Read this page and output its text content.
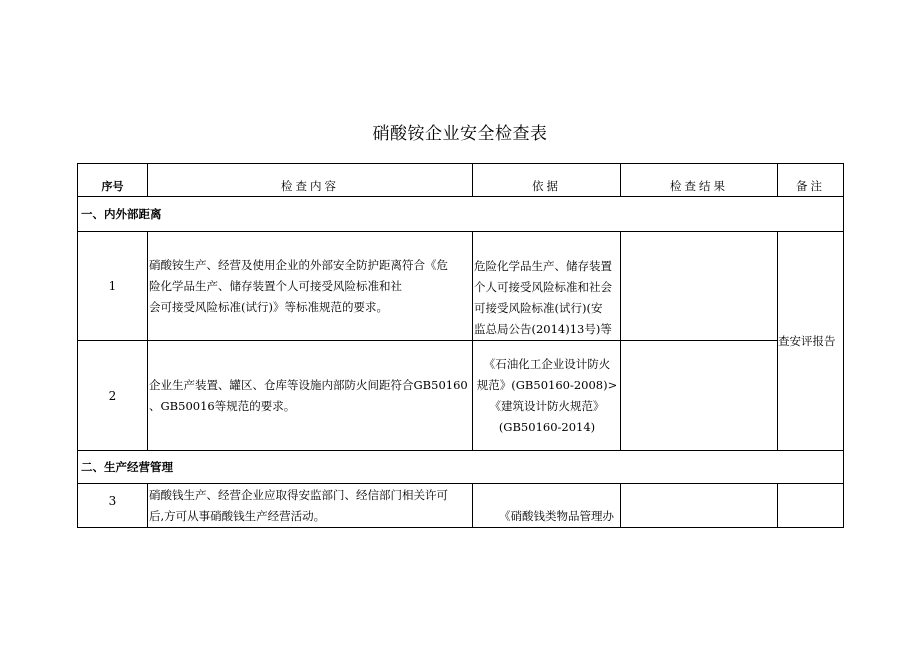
硝酸铵企业安全检查表
序号	检查内容	依据	检查结果	备注
一、内外部距离				
1	硝酸铵生产、经营及使用企业的外部安全防护距离符合《危
险化学品生产、储存装置个人可接受风险标准和社
会可接受风险标准(试行)》等标准规范的要求。	危险化学品生产、储存装置
个人可接受风险标准和社会
可接受风险标准(试行)(安
监总局公告(2014)13号)等		查安评报告
2	企业生产装置、罐区、仓库等设施内部防火间距符合GB50160
、GB50016等规范的要求。	《石油化工企业设计防火
规范》(GB50160-2008)>
《建筑设计防火规范》
(GB50160-2014)		
二、生产经营管理				
3	硝酸钱生产、经营企业应取得安监部门、经信部门相关许可
后,方可从事硝酸钱生产经营活动。	《硝酸钱类物品管理办		
